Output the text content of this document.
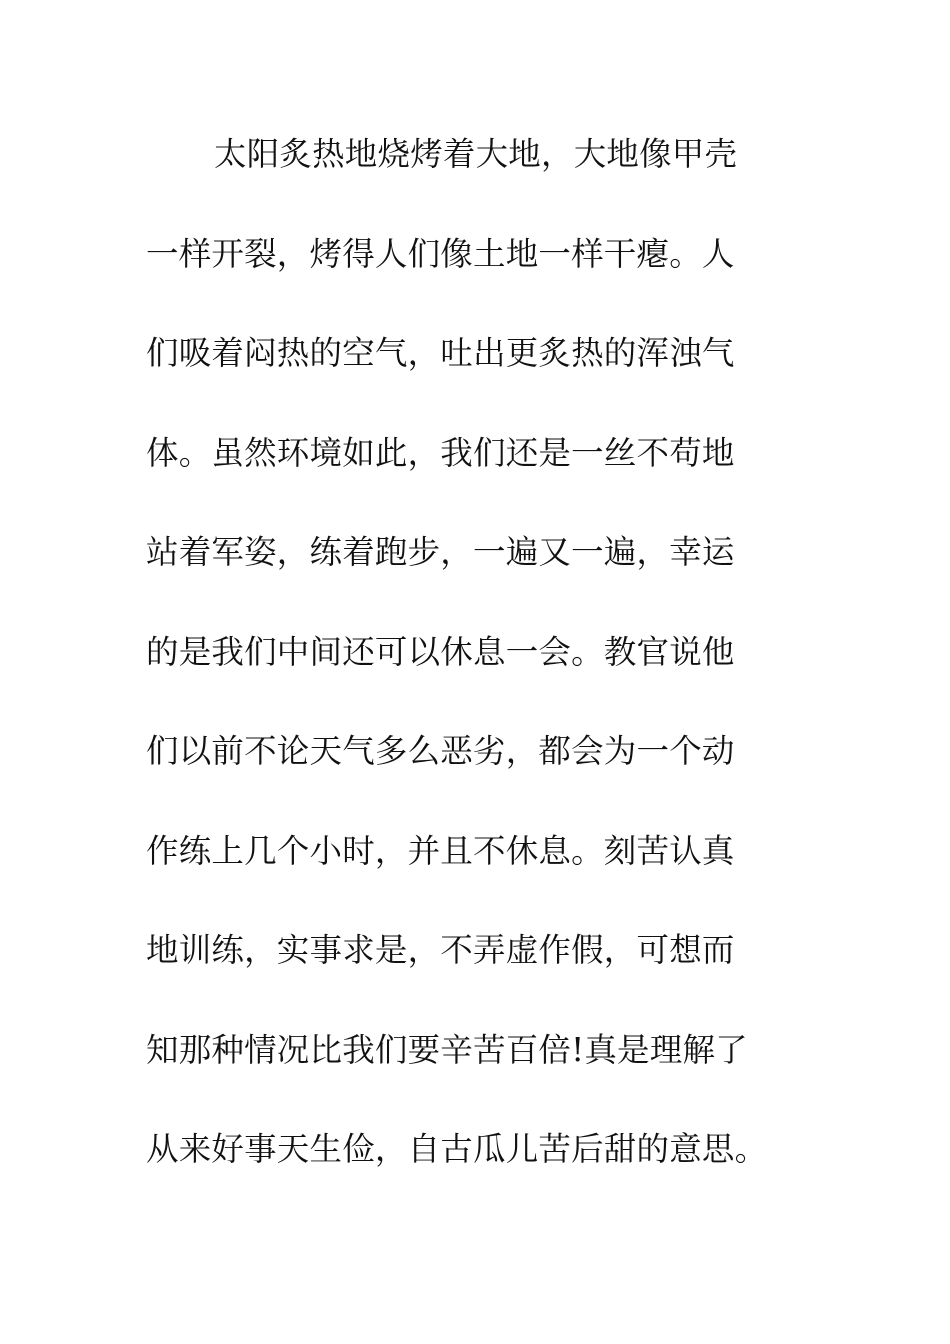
太阳炙热地烧烤着大地，大地像甲壳
一样开裂，烤得人们像土地一样干瘪。人
们吸着闷热的空气，吐出更炙热的浑浊气
体。虽然环境如此，我们还是一丝不苟地
站着军姿，练着跑步，一遍又一遍，幸运
的是我们中间还可以休息一会。教官说他
们以前不论天气多么恶劣，都会为一个动
作练上几个小时，并且不休息。刻苦认真
地训练，实事求是，不弄虚作假，可想而
知那种情况比我们要辛苦百倍!真是理解了
从来好事天生俭，自古瓜儿苦后甜的意思。
